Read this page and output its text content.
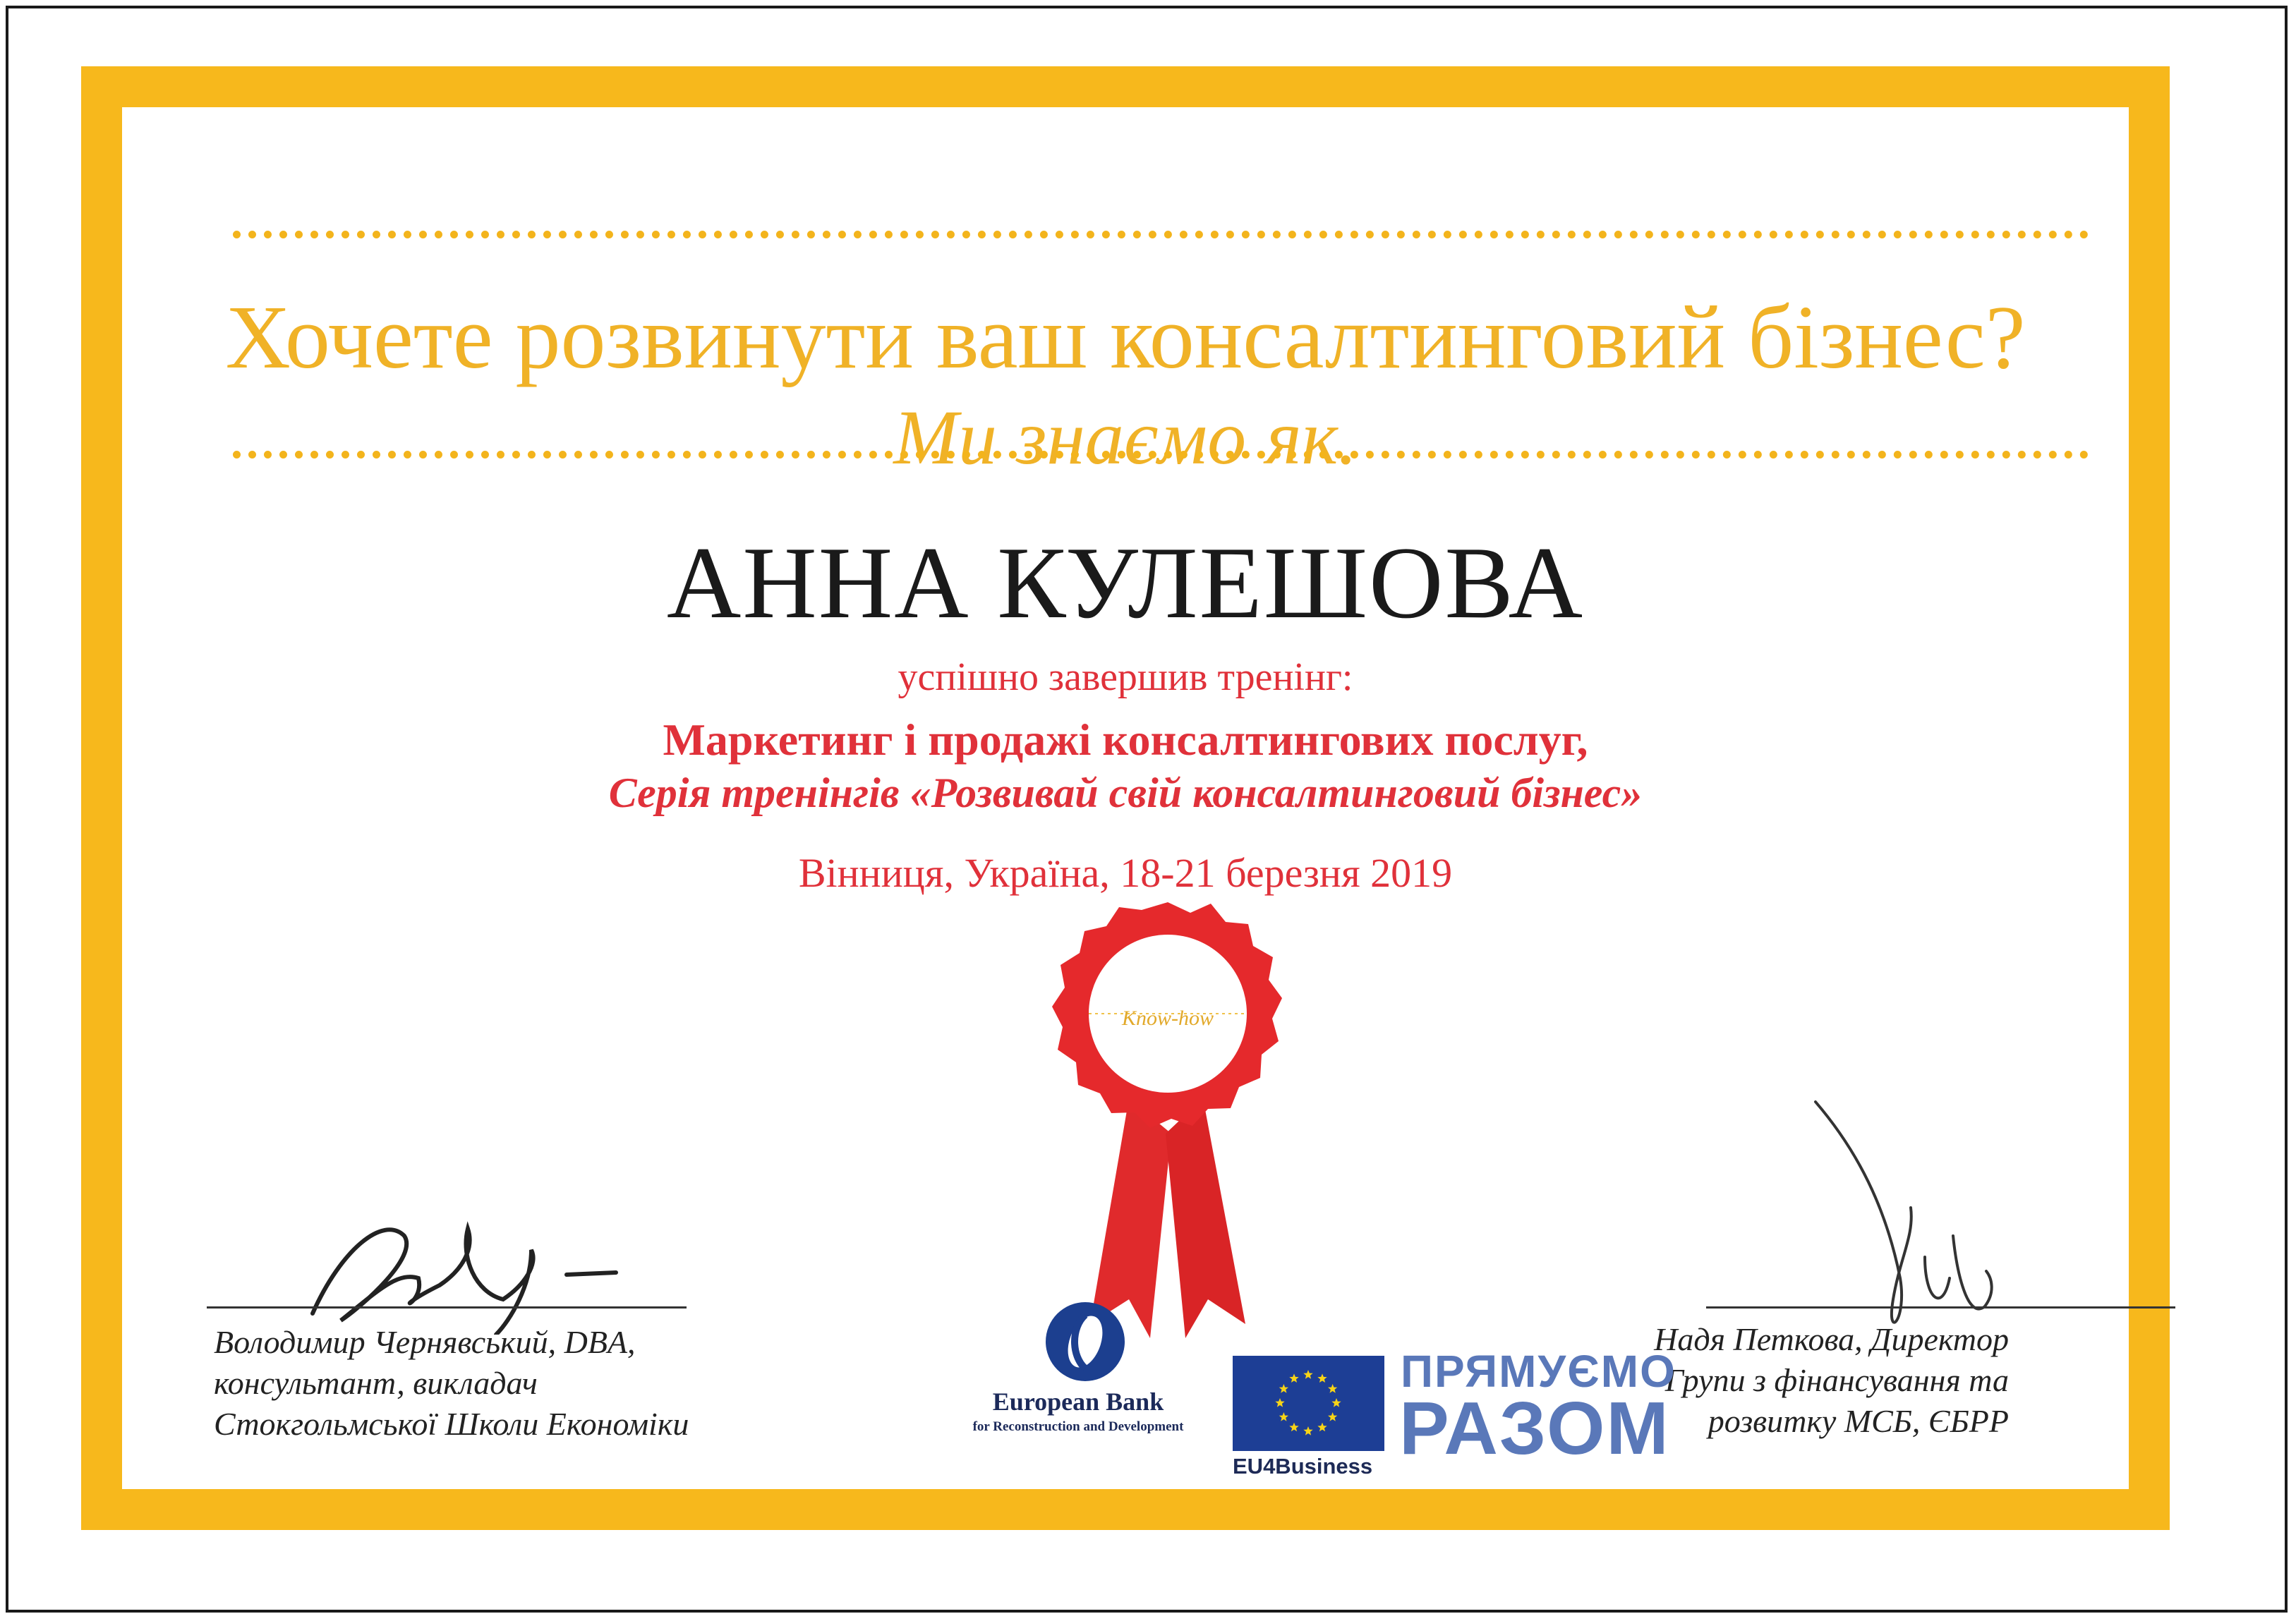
Хочете розвинути ваш консалтинговий бізнес?
Ми знаємо як.
АННА КУЛЕШОВА
успішно завершив тренінг:
Маркетинг і продажі консалтингових послуг,
Серія тренінгів «Розвивай свій консалтинговий бізнес»
Вінниця, Україна, 18-21 березня 2019
Know-how
Володимир Чернявський, DBA,
консультант, викладач
Стокгольмської Школи Економіки
Надя Петкова, Директор
Групи з фінансування та
розвитку МСБ, ЄБРР
European Bank
for Reconstruction and Development
EU4Business
ПРЯМУЄМО
РАЗОМ
